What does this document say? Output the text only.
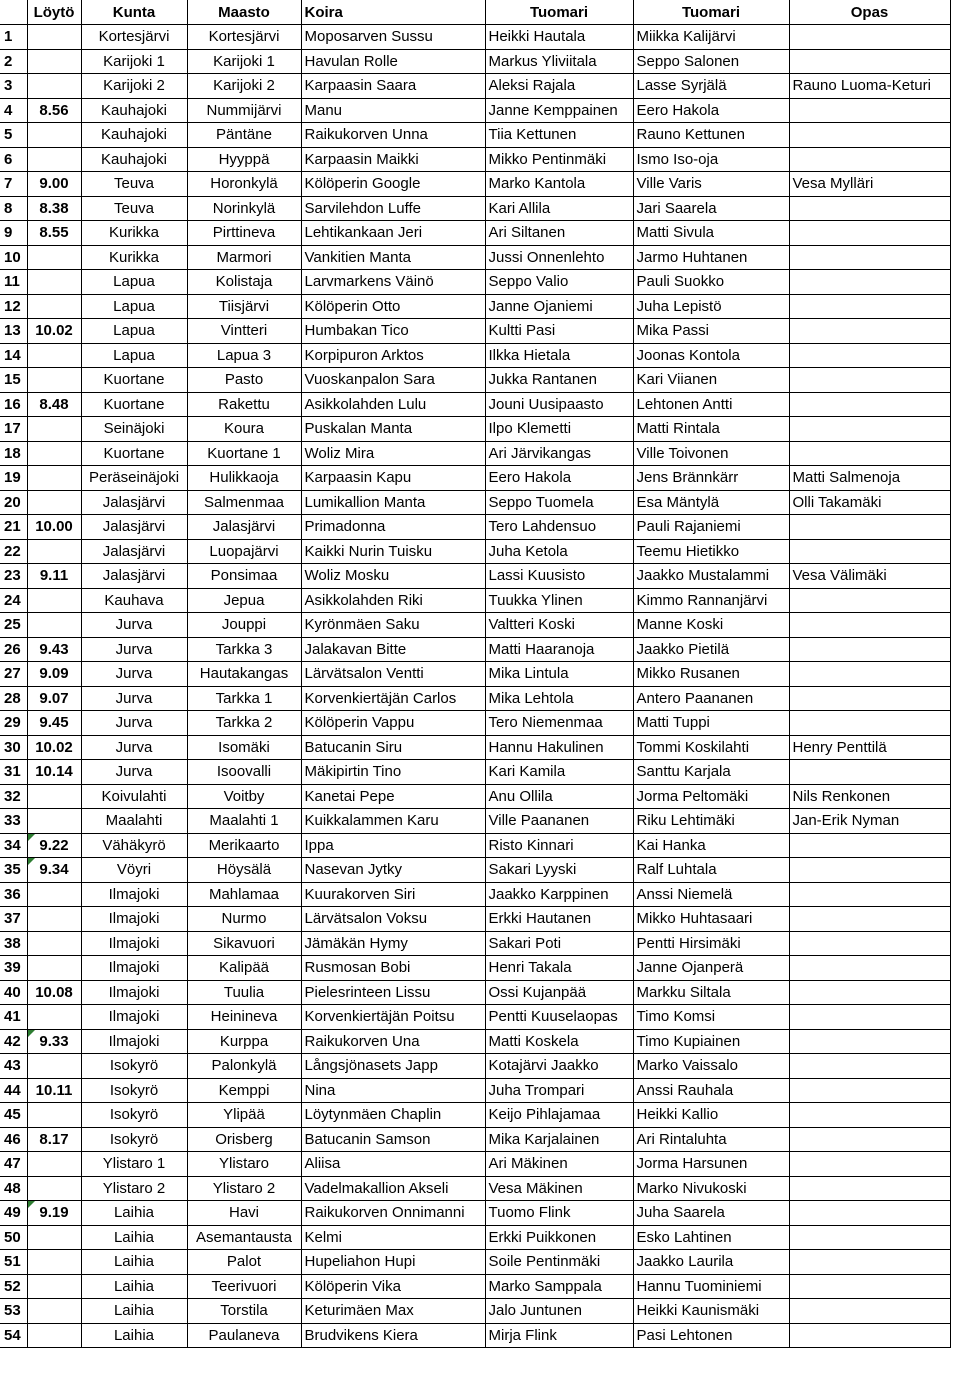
	Löytö	Kunta	Maasto	Koira	Tuomari	Tuomari	Opas
1		Kortesjärvi	Kortesjärvi	Moposarven Sussu	Heikki Hautala	Miikka Kalijärvi	
2		Karijoki 1	Karijoki 1	Havulan Rolle	Markus Yliviitala	Seppo Salonen	
3		Karijoki 2	Karijoki 2	Karpaasin Saara	Aleksi Rajala	Lasse Syrjälä	Rauno Luoma-Keturi
4	8.56	Kauhajoki	Nummijärvi	Manu	Janne Kemppainen	Eero Hakola	
5		Kauhajoki	Päntäne	Raikukorven Unna	Tiia Kettunen	Rauno Kettunen	
6		Kauhajoki	Hyyppä	Karpaasin Maikki	Mikko Pentinmäki	Ismo Iso-oja	
7	9.00	Teuva	Horonkylä	Kölöperin Google	Marko Kantola	Ville Varis	Vesa Mylläri
8	8.38	Teuva	Norinkylä	Sarvilehdon Luffe	Kari Allila	Jari Saarela	
9	8.55	Kurikka	Pirttineva	Lehtikankaan Jeri	Ari Siltanen	Matti Sivula	
10		Kurikka	Marmori	Vankitien Manta	Jussi Onnenlehto	Jarmo Huhtanen	
11		Lapua	Kolistaja	Larvmarkens Väinö	Seppo Valio	Pauli Suokko	
12		Lapua	Tiisjärvi	Kölöperin Otto	Janne Ojaniemi	Juha Lepistö	
13	10.02	Lapua	Vintteri	Humbakan Tico	Kultti Pasi	Mika Passi	
14		Lapua	Lapua 3	Korpipuron Arktos	Ilkka Hietala	Joonas Kontola	
15		Kuortane	Pasto	Vuoskanpalon Sara	Jukka Rantanen	Kari Viianen	
16	8.48	Kuortane	Rakettu	Asikkolahden Lulu	Jouni Uusipaasto	Lehtonen Antti	
17		Seinäjoki	Koura	Puskalan Manta	Ilpo Klemetti	Matti Rintala	
18		Kuortane	Kuortane 1	Woliz Mira	Ari Järvikangas	Ville Toivonen	
19		Peräseinäjoki	Hulikkaoja	Karpaasin Kapu	Eero Hakola	Jens Brännkärr	Matti Salmenoja
20		Jalasjärvi	Salmenmaa	Lumikallion Manta	Seppo Tuomela	Esa Mäntylä	Olli Takamäki
21	10.00	Jalasjärvi	Jalasjärvi	Primadonna	Tero Lahdensuo	Pauli Rajaniemi	
22		Jalasjärvi	Luopajärvi	Kaikki Nurin Tuisku	Juha Ketola	Teemu Hietikko	
23	9.11	Jalasjärvi	Ponsimaa	Woliz Mosku	Lassi Kuusisto	Jaakko Mustalammi	Vesa Välimäki
24		Kauhava	Jepua	Asikkolahden Riki	Tuukka Ylinen	Kimmo Rannanjärvi	
25		Jurva	Jouppi	Kyrönmäen Saku	Valtteri Koski	Manne Koski	
26	9.43	Jurva	Tarkka 3	Jalakavan Bitte	Matti Haaranoja	Jaakko Pietilä	
27	9.09	Jurva	Hautakangas	Lärvätsalon Ventti	Mika Lintula	Mikko Rusanen	
28	9.07	Jurva	Tarkka 1	Korvenkiertäjän Carlos	Mika Lehtola	Antero Paananen	
29	9.45	Jurva	Tarkka 2	Kölöperin Vappu	Tero Niemenmaa	Matti Tuppi	
30	10.02	Jurva	Isomäki	Batucanin Siru	Hannu Hakulinen	Tommi Koskilahti	Henry Penttilä
31	10.14	Jurva	Isoovalli	Mäkipirtin Tino	Kari Kamila	Santtu Karjala	
32		Koivulahti	Voitby	Kanetai Pepe	Anu Ollila	Jorma Peltomäki	Nils Renkonen
33		Maalahti	Maalahti 1	Kuikkalammen Karu	Ville Paananen	Riku Lehtimäki	Jan-Erik Nyman
34	9.22	Vähäkyrö	Merikaarto	Ippa	Risto Kinnari	Kai Hanka	
35	9.34	Vöyri	Höysälä	Nasevan Jytky	Sakari Lyyski	Ralf Luhtala	
36		Ilmajoki	Mahlamaa	Kuurakorven Siri	Jaakko Karppinen	Anssi Niemelä	
37		Ilmajoki	Nurmo	Lärvätsalon Voksu	Erkki Hautanen	Mikko Huhtasaari	
38		Ilmajoki	Sikavuori	Jämäkän Hymy	Sakari Poti	Pentti Hirsimäki	
39		Ilmajoki	Kalipää	Rusmosan Bobi	Henri Takala	Janne Ojanperä	
40	10.08	Ilmajoki	Tuulia	Pielesrinteen Lissu	Ossi Kujanpää	Markku Siltala	
41		Ilmajoki	Heinineva	Korvenkiertäjän Poitsu	Pentti Kuuselaopas	Timo Komsi	
42	9.33	Ilmajoki	Kurppa	Raikukorven Una	Matti Koskela	Timo Kupiainen	
43		Isokyrö	Palonkylä	Långsjönasets Japp	Kotajärvi Jaakko	Marko Vaissalo	
44	10.11	Isokyrö	Kemppi	Nina	Juha Trompari	Anssi Rauhala	
45		Isokyrö	Ylipää	Löytynmäen Chaplin	Keijo Pihlajamaa	Heikki Kallio	
46	8.17	Isokyrö	Orisberg	Batucanin Samson	Mika Karjalainen	Ari Rintaluhta	
47		Ylistaro 1	Ylistaro	Aliisa	Ari Mäkinen	Jorma Harsunen	
48		Ylistaro 2	Ylistaro 2	Vadelmakallion Akseli	Vesa Mäkinen	Marko Nivukoski	
49	9.19	Laihia	Havi	Raikukorven Onnimanni	Tuomo Flink	Juha Saarela	
50		Laihia	Asemantausta	Kelmi	Erkki Puikkonen	Esko Lahtinen	
51		Laihia	Palot	Hupeliahon Hupi	Soile Pentinmäki	Jaakko Laurila	
52		Laihia	Teerivuori	Kölöperin Vika	Marko Samppala	Hannu Tuominiemi	
53		Laihia	Torstila	Keturimäen Max	Jalo Juntunen	Heikki Kaunismäki	
54		Laihia	Paulaneva	Brudvikens Kiera	Mirja Flink	Pasi Lehtonen	
